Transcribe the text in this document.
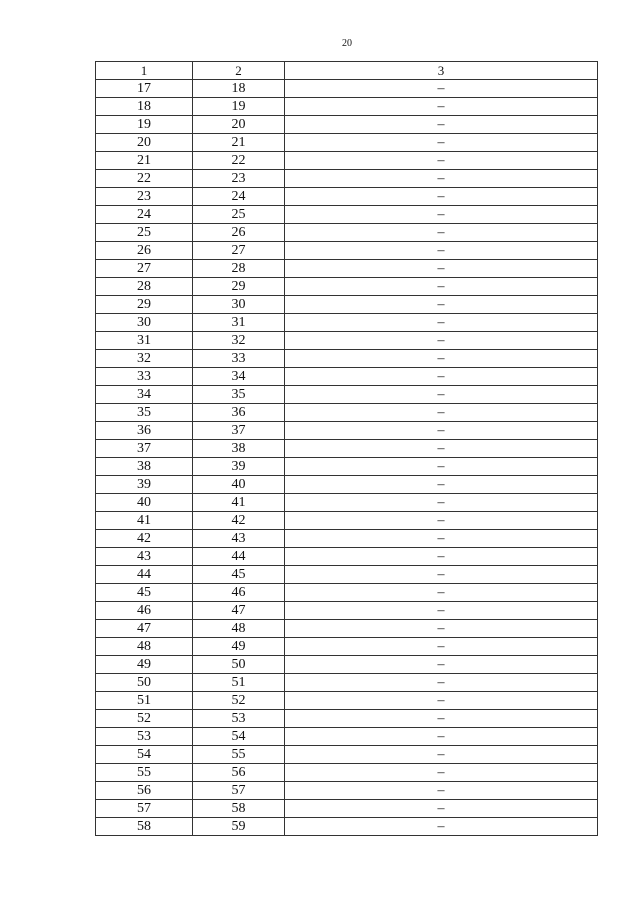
20
1	2	3
17	18	–
18	19	–
19	20	–
20	21	–
21	22	–
22	23	–
23	24	–
24	25	–
25	26	–
26	27	–
27	28	–
28	29	–
29	30	–
30	31	–
31	32	–
32	33	–
33	34	–
34	35	–
35	36	–
36	37	–
37	38	–
38	39	–
39	40	–
40	41	–
41	42	–
42	43	–
43	44	–
44	45	–
45	46	–
46	47	–
47	48	–
48	49	–
49	50	–
50	51	–
51	52	–
52	53	–
53	54	–
54	55	–
55	56	–
56	57	–
57	58	–
58	59	–
